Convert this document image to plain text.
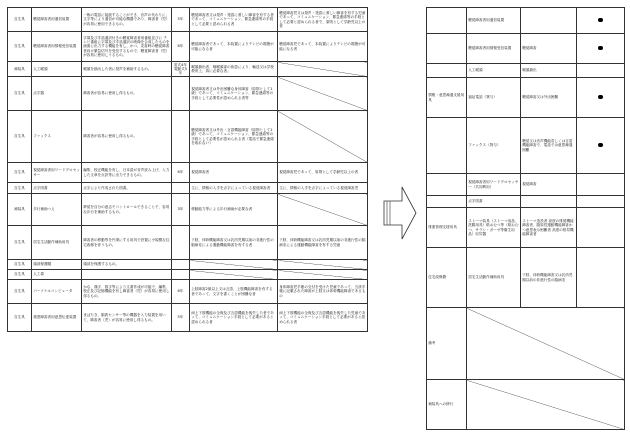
自生具	聴覚障害者用通信装置	一般の電話に接続することができ、音声の代わりに、文字等により通信が可能な機器であり、障害者（児）が容易に使用できるもの。	5年	聴覚障害者又は発声・発語に著しい障害を有する者であって、コミュニケーション、緊急連絡等の手段として必要と認められる者	聴覚障害児又は発声・発語に著しい障害を有する児童であって、コミュニケーション、緊急連絡等の手段として必要と認められる者で、原則として学齢児以上の者
自生具	聴覚障害者用情報受信装置	字幕及び手話通訳付きの聴覚障害者用番組並びに テレビ番組に字幕及び手話通訳の映像を合成したものを画面に出力する機能を有し、かつ、災害時の聴覚障害者向け緊急信号を受信するもので、聴覚障害者（児）が容易に使用しうるもの。	6年	聴覚障害者であって、本装置によりテレビの視聴が可能になる者	聴覚障害児であって、本装置によりテレビの視聴が可能になる者
補装具	人工喉頭	喉頭を摘出した者に発声を補助するもの。	笛式4年 電動式5年	喉頭摘出者、咽喉頭部の疾患により、輸送又は学校教育上、真に必要な者。	
自生具	点字器	障害者が容易に使用し得るもの。		視覚障害者又は外出困難な身体障害（原則として1級）であって、コミュニケーション、緊急連絡等の手段として必要性が認められる者等	
自生具	ファックス	障害者が容易に使用し得るもの。		聴覚障害者又は外出・言語機能障害（原則として1級）であって、コミュニケーション、緊急連絡等の手段として必要性が認められる者（電話で緊急連絡を取れない）	
自生具	視覚障害者用ワードプロセッサー	編集、校正機能を有し、日本語が音声読み上げ、入力した文章を点訳等に出力できるもの。	6年	視覚障害者	視覚障害児であって、原則として学齢児以上の者
自生具	点字図書	点字により作成された図書。		主に、情報の入手を点字によっている視覚障害者	主に、情報の入手を点字によっている視覚障害児
補装具	歩行補助つえ	夢覚を自分の意志でコントロールできることで、容易な歩行を補助するもの。	3年	移動能力等による歩行補助が必要な者	
自生具	居宅生活動作補助用具	障害者の移動等を円滑にする用具で設置に小規模な住宅改修を伴うもの。		下肢、体幹機能障害又は乳幼児期以前の非進行性の脳病変による運動機能障害を有する者	下肢、体幹機能障害又は乳幼児期以前の非進行性の脳病変による運動機能障害を有する児童
自生具	頭部保護帽	頭部を保護するもの。			
自生具	人工鼻				
自生具	パーソナルコンピュータ	かな、漢字、数字等により文書作成が可能で、編集、校正及び記憶機能を有し障害者（児）が容易に使用し得るもの。	6年	上肢障害2級以上又は言語、上肢機能障害を有する者であって、文字を書くことが困難な者	身体障害児手帳の交付を受けた児童であって、当該手帳に記載された障害が上肢又は体幹機能障害であるもの
自生具	重度障害者用意思伝達装置	まばたき、脳波センサー等の機器を入力装置を用いて、障害者（児）が容易に使用し得るもの。	5年	両上下肢機能の全廃及び言語機能を喪失した者であって、コミュニケーション手段として必要があると認められる者	両上下肢機能の全廃及び言語機能を喪失した児童であって、コミュニケーション手段として必要があると認められる者
	聴覚障害者用通信装置		
	聴覚障害者用情報受信装置	聴覚障害	
	人工喉頭	喉頭摘出	
情報・意思疎通支援用具	福祉電話（貸与）	聴覚障害又は外出困難	
	ファックス（貸与）	聴覚又は音声機能若しくは言語機能障害で、電話では意思疎通困難	
	視覚障害者用ワードプロセッサー（共同利用）	視覚障害	
	点字図書		
排泄管理支援用具	ストーマ装具（ストーマ用品、洗腸用具）紙おむつ等（紙おむつ、サラシ・ガーゼ等衛生用品）収尿器	ストーマ造設者 高度の排便機能障害者、脳原性運動機能障害かつ意思表示困難者 高度の排尿機能障害者	
住宅改修費	居宅生活動作補助用具	下肢、体幹機能障害又は乳幼児期以前の非進行性の脳病変	
備考			
補装具への移行			
